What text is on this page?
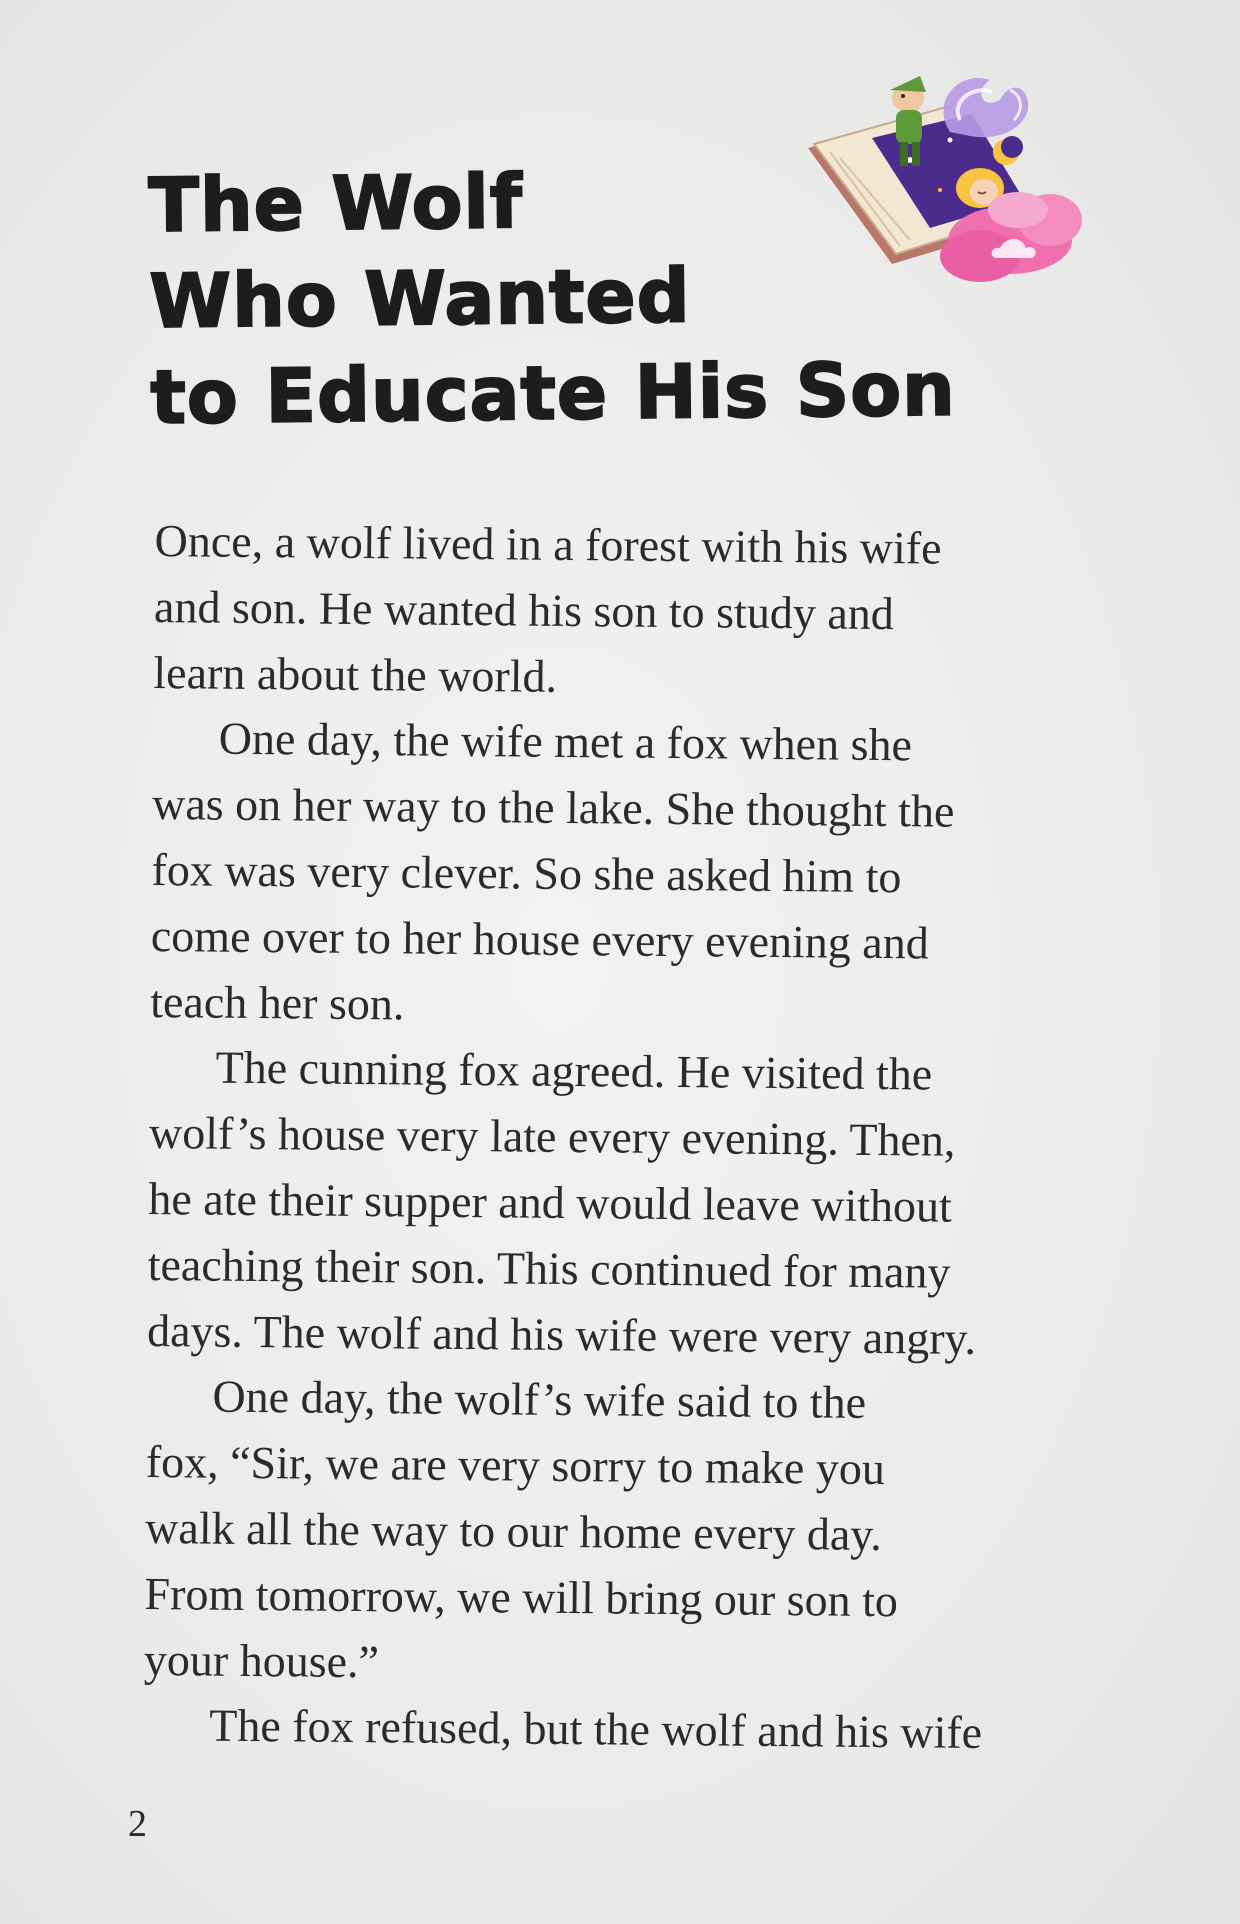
The Wolf
Who Wanted
to Educate His Son

Once, a wolf lived in a forest with his wife
and son. He wanted his son to study and
learn about the world.

One day, the wife met a fox when she
was on her way to the lake. She thought the
fox was very clever. So she asked him to
come over to her house every evening and
teach her son.

The cunning fox agreed. He visited the
wolf’s house very late every evening. Then,
he ate their supper and would leave without
teaching their son. This continued for many
days. The wolf and his wife were very angry.

One day, the wolf’s wife said to the
fox, “Sir, we are very sorry to make you
walk all the way to our home every day.
From tomorrow, we will bring our son to
your house.”

The fox refused, but the wolf and his wife

2
